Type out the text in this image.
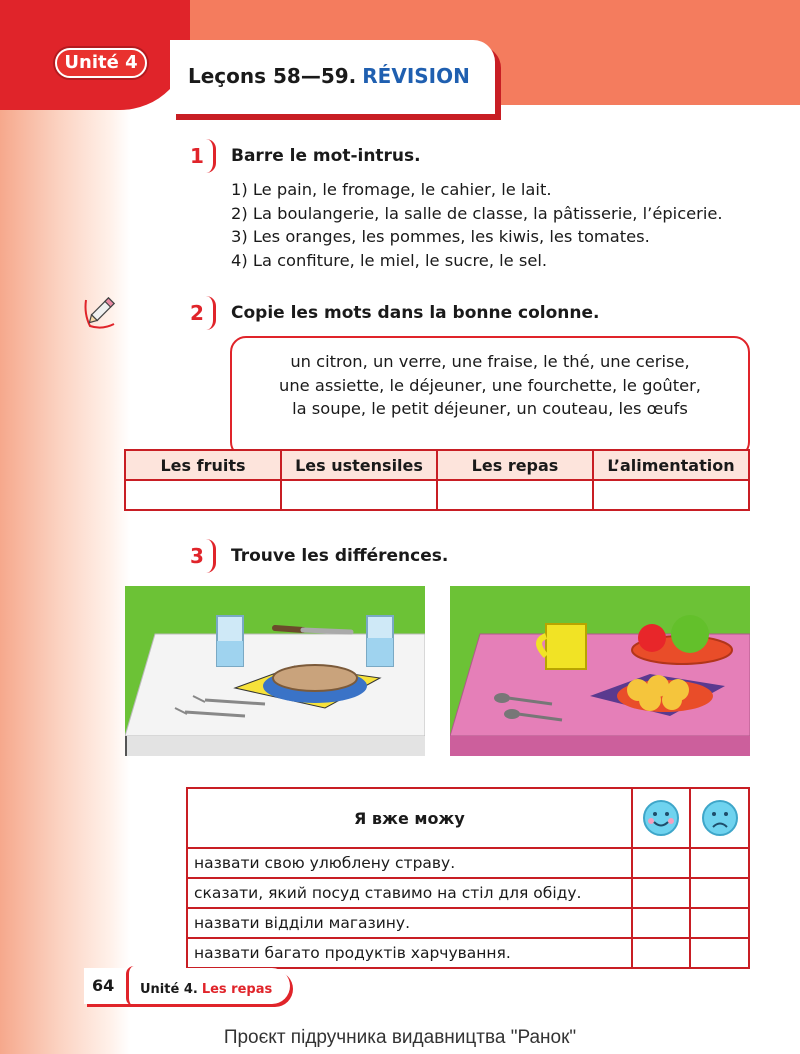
Unité 4
Leçons 58—59. RÉVISION
1 Barre le mot-intrus.
1) Le pain, le fromage, le cahier, le lait.
2) La boulangerie, la salle de classe, la pâtisserie, l’épicerie.
3) Les oranges, les pommes, les kiwis, les tomates.
4) La confiture, le miel, le sucre, le sel.
2 Copie les mots dans la bonne colonne.
un citron, un verre, une fraise, le thé, une cerise,
une assiette, le déjeuner, une fourchette, le goûter,
la soupe, le petit déjeuner, un couteau, les œufs
Les fruits	Les ustensiles	Les repas	L’alimentation

3 Trouve les différences.
Я вже можу	

назвати свою улюблену страву.		
сказати, який посуд ставимо на стіл для обіду.		
назвати відділи магазину.		
назвати багато продуктів харчування.		
64 Unité 4. Les repas
Проєкт підручника видавництва "Ранок"
